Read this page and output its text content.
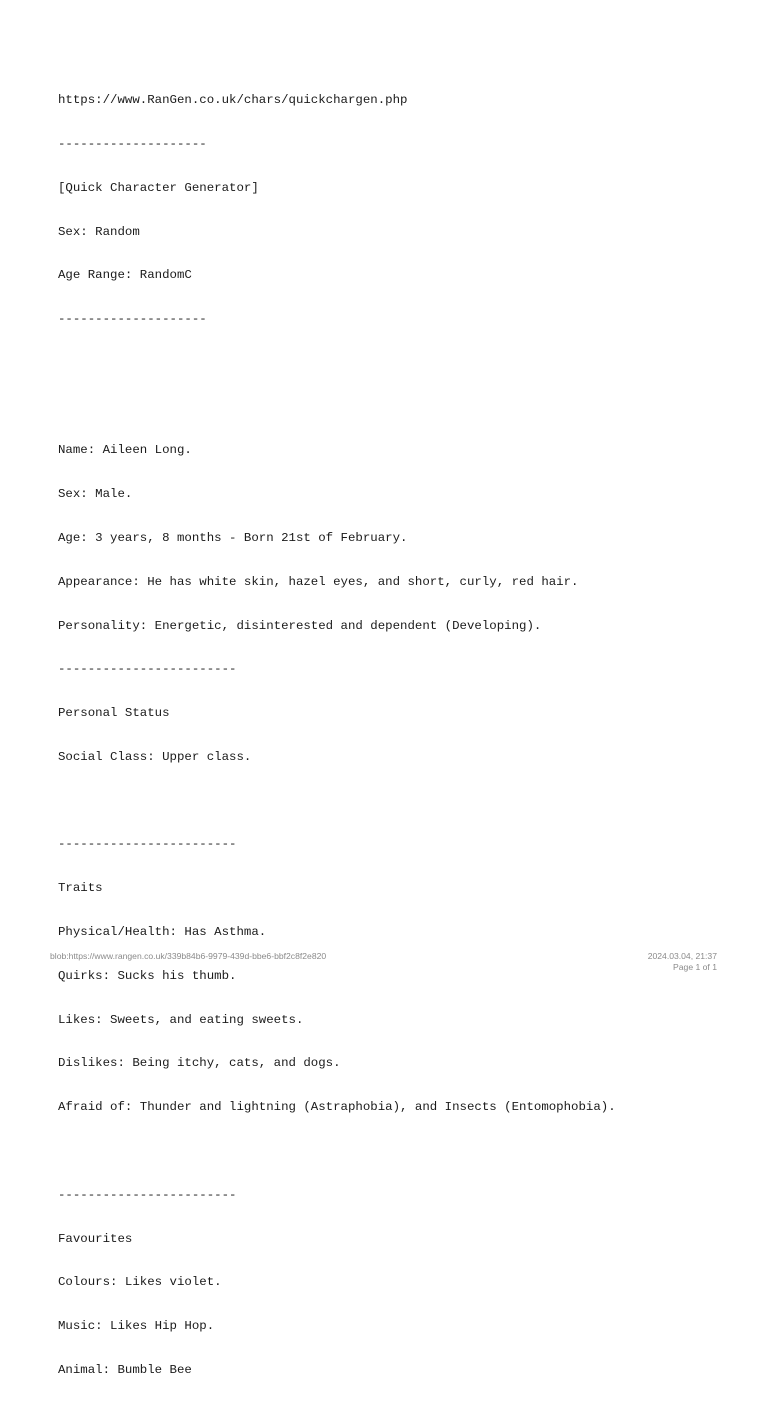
https://www.RanGen.co.uk/chars/quickchargen.php

--------------------

[Quick Character Generator]

Sex: Random

Age Range: RandomC

--------------------

Name: Aileen Long.

Sex: Male.

Age: 3 years, 8 months - Born 21st of February.

Appearance: He has white skin, hazel eyes, and short, curly, red hair.

Personality: Energetic, disinterested and dependent (Developing).

------------------------

Personal Status

Social Class: Upper class.

------------------------

Traits

Physical/Health: Has Asthma.

Quirks: Sucks his thumb.

Likes: Sweets, and eating sweets.

Dislikes: Being itchy, cats, and dogs.

Afraid of: Thunder and lightning (Astraphobia), and Insects (Entomophobia).

------------------------

Favourites

Colours: Likes violet.

Music: Likes Hip Hop.

Animal: Bumble Bee

blob:https://www.rangen.co.uk/339b84b6-9979-439d-bbe6-bbf2c8f2e820	2024.03.04, 21:37
Page 1 of 1
